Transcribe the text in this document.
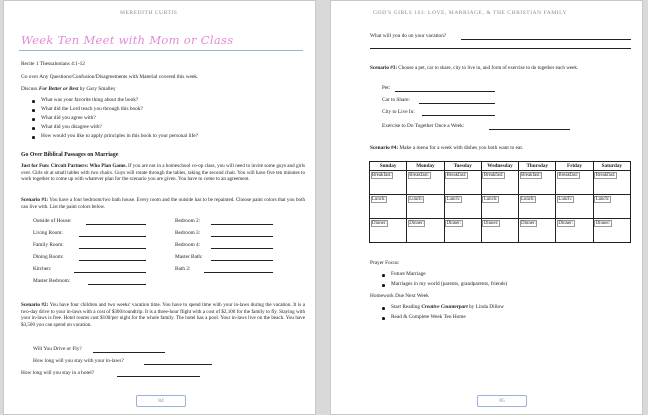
MEREDITH CURTIS
Week Ten Meet with Mom or Class
Recite 1 Thessalonians 4:1-12
Go over Any Questions/Confusion/Disagreements with Material covered this week.
Discuss For Better or Best by Gary Smalley
What was your favorite thing about the book?
What did the Lord teach you through this book?
What did you agree with?
What did you disagree with?
How would you like to apply principles in this book to your personal life?
Go Over Biblical Passages on Marriage
Just for Fun: Circuit Partners: Who Plan Game. If you are not in a homeschool co-op class, you will need to invite some guys and girls over. Girls sit at small tables with two chairs. Guys will rotate through the tables, taking the second chair. You will have five ten minutes to work together to come up with whatever plan for the scenario you are given. You have to come to an agreement.
Scenario #1: You have a four bedroom/two bath house. Every room and the outside has to be repainted. Choose paint colors that you both can live with. List the paint colors below.
Outside of House:
Living Room:
Family Room:
Dining Room:
Kitchen:
Master Bedroom:
Bedroom 2:
Bedroom 3:
Bedroom 4:
Master Bath:
Bath 2:
Scenario #2: You have four children and two weeks' vacation time. You have to spend time with your in-laws during the vacation. It is a two-day drive to your in-laws with a cost of $300/roundtrip. It is a three-hour flight with a cost of $2,100 for the family to fly. Staying with your in-laws is free. Hotel rooms cost $100/per night for the whole family. The hotel has a pool. Your in-laws live on the beach. You have $3,500 you can spend on vacation.
Will You Drive or Fly?
How long will you stay with your in-laws?
How long will you stay in a hotel?
84
GOD'S GIRLS 103: LOVE, MARRIAGE, & THE CHRISTIAN FAMILY
What will you do on your vacation?
Scenario #3: Choose a pet, car to share, city to live in, and form of exercise to do together each week.
Pet:
Car to Share:
City to Live In:
Exercise to Do Together Once a Week:
Scenario #4: Make a menu for a week with dishes you both want to eat.
Sunday	Monday	Tuesday	Wednesday	Thursday	Friday	Saturday
Breakfast:	Breakfast:	Breakfast:	Breakfast:	Breakfast:	Breakfast:	Breakfast:
Lunch:	Lunch:	Lunch:	Lunch:	Lunch:	Lunch:	Lunch:
Dinner:	Dinner:	Dinner:	Dinner:	Dinner:	Dinner:	Dinner:
Prayer Focus:
Future Marriage
Marriages in my world (parents, grandparents, friends)
Homework Due Next Week
Start Reading Creative Counterpart by Linda Dillow
Read & Complete Week Ten Home
85
